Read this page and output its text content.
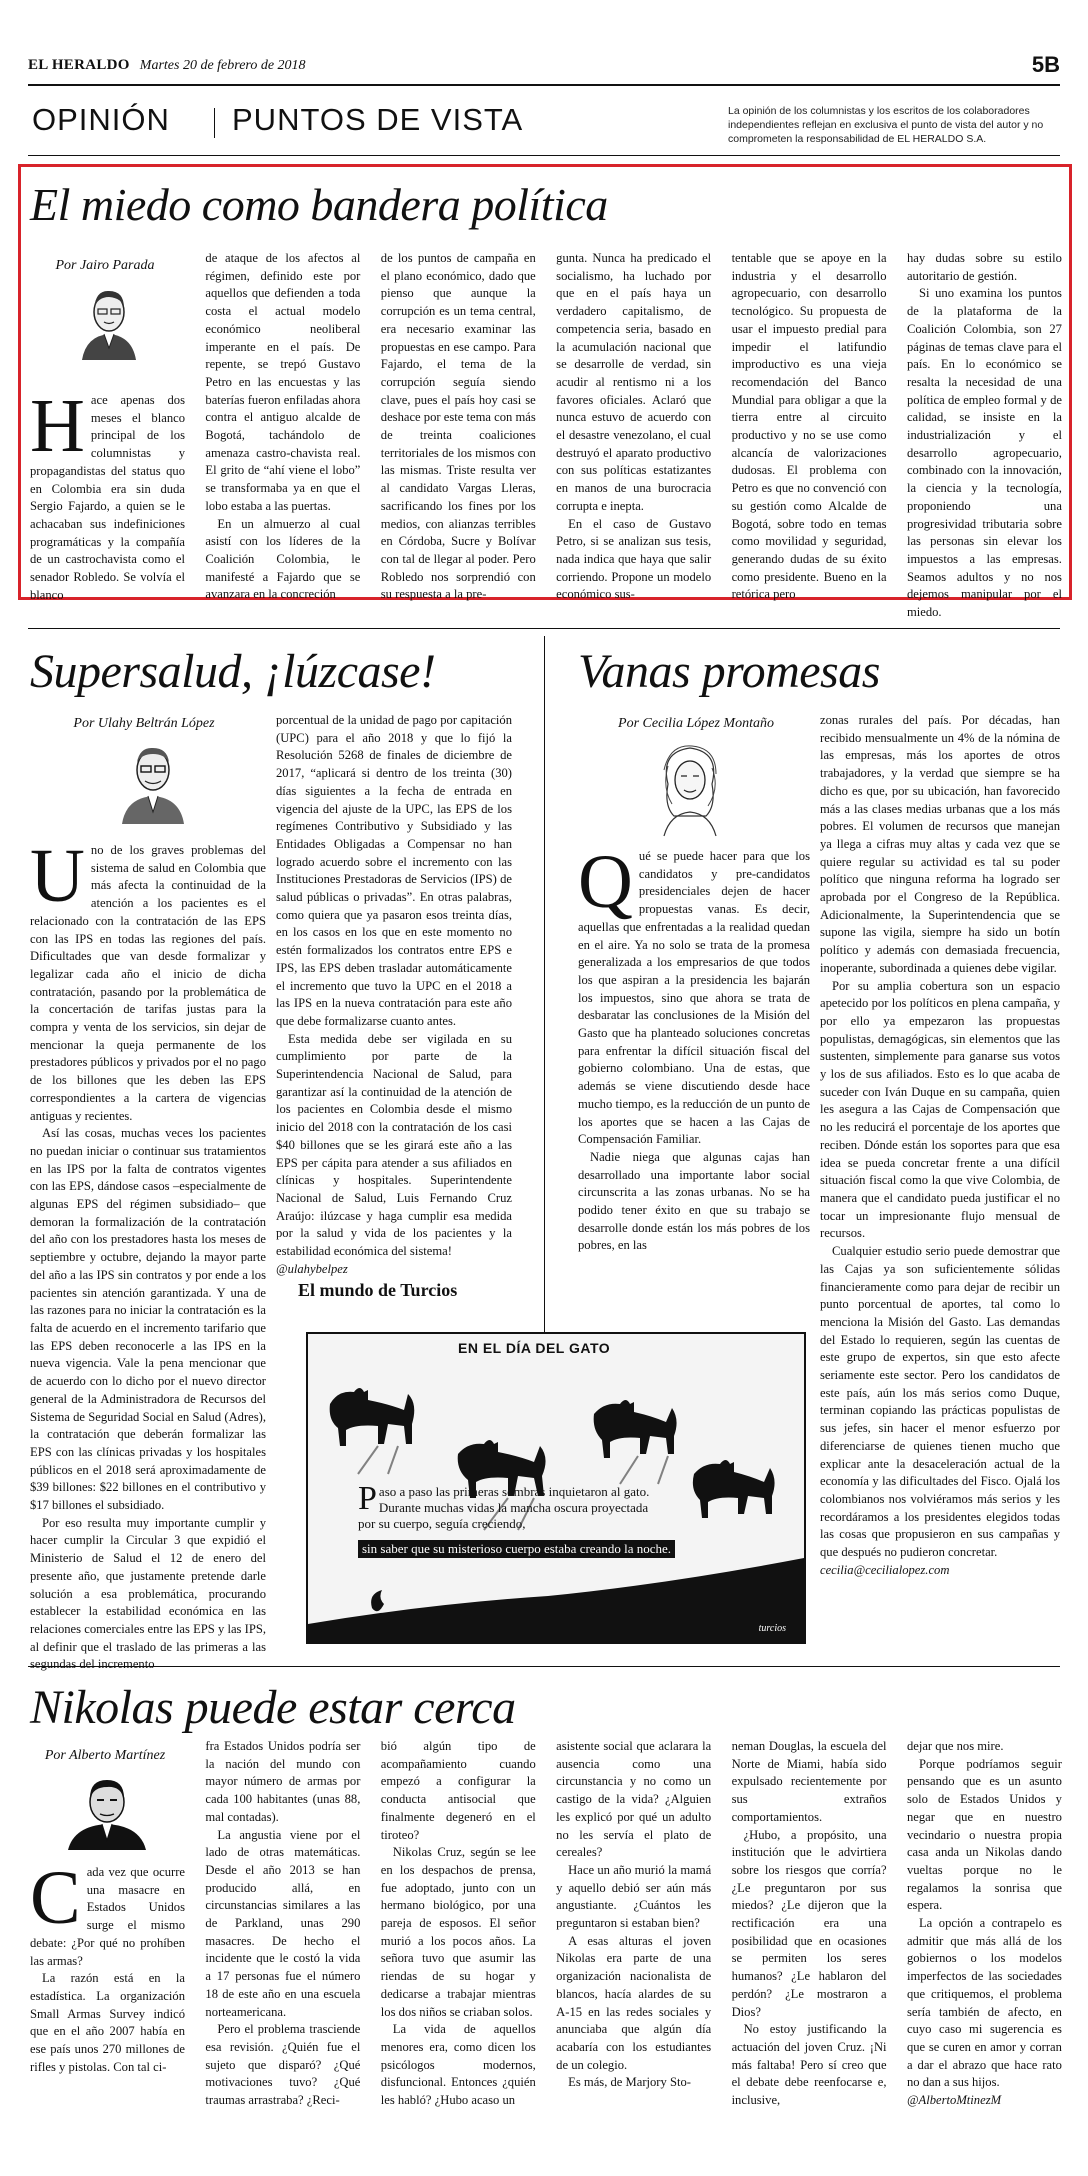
EL HERALDO Martes 20 de febrero de 2018	5B
OPINIÓN PUNTOS DE VISTA	La opinión de los columnistas y los escritos de los colaboradores independientes reflejan en exclusiva el punto de vista del autor y no comprometen la responsabilidad de EL HERALDO S.A.
El miedo como bandera política
Por Jairo Parada

Hace apenas dos meses el blanco principal de los columnistas y propagandistas del status quo en Colombia era sin duda Sergio Fajardo, a quien se le achacaban sus indefiniciones programáticas y la compañía de un castrochavista como el senador Robledo. Se volvía el blanco

de ataque de los afectos al régimen, definido este por aquellos que defienden a toda costa el actual modelo económico neoliberal imperante en el país. De repente, se trepó Gustavo Petro en las encuestas y las baterías fueron enfiladas ahora contra el antiguo alcalde de Bogotá, tachándolo de amenaza castro-chavista real. El grito de “ahí viene el lobo” se transformaba ya en que el lobo estaba a las puertas.

En un almuerzo al cual asistí con los líderes de la Coalición Colombia, le manifesté a Fajardo que se avanzara en la concreción

de los puntos de campaña en el plano económico, dado que pienso que aunque la corrupción es un tema central, era necesario examinar las propuestas en ese campo. Para Fajardo, el tema de la corrupción seguía siendo clave, pues el país hoy casi se deshace por este tema con más de treinta coaliciones territoriales de los mismos con las mismas. Triste resulta ver al candidato Vargas Lleras, sacrificando los fines por los medios, con alianzas terribles en Córdoba, Sucre y Bolívar con tal de llegar al poder. Pero Robledo nos sorprendió con su respuesta a la pre-

gunta. Nunca ha predicado el socialismo, ha luchado por que en el país haya un verdadero capitalismo, de competencia seria, basado en la acumulación nacional que se desarrolle de verdad, sin acudir al rentismo ni a los favores oficiales. Aclaró que nunca estuvo de acuerdo con el desastre venezolano, el cual destruyó el aparato productivo con sus políticas estatizantes en manos de una burocracia corrupta e inepta.

En el caso de Gustavo Petro, si se analizan sus tesis, nada indica que haya que salir corriendo. Propone un modelo económico sus-

tentable que se apoye en la industria y el desarrollo agropecuario, con desarrollo tecnológico. Su propuesta de usar el impuesto predial para impedir el latifundio improductivo es una vieja recomendación del Banco Mundial para obligar a que la tierra entre al circuito productivo y no se use como alcancía de valorizaciones dudosas. El problema con Petro es que no convenció con su gestión como Alcalde de Bogotá, sobre todo en temas como movilidad y seguridad, generando dudas de su éxito como presidente. Bueno en la retórica pero

hay dudas sobre su estilo autoritario de gestión.

Si uno examina los puntos de la plataforma de la Coalición Colombia, son 27 páginas de temas clave para el país. En lo económico se resalta la necesidad de una política de empleo formal y de calidad, se insiste en la industrialización y el desarrollo agropecuario, combinado con la innovación, la ciencia y la tecnología, proponiendo una progresividad tributaria sobre las personas sin elevar los impuestos a las empresas. Seamos adultos y no nos dejemos manipular por el miedo.

Supersalud, ¡lúzcase!
Por Ulahy Beltrán López

Uno de los graves problemas del sistema de salud en Colombia que más afecta la continuidad de la atención a los pacientes es el relacionado con la contratación de las EPS con las IPS en todas las regiones del país. Dificultades que van desde formalizar y legalizar cada año el inicio de dicha contratación, pasando por la problemática de la concertación de tarifas justas para la compra y venta de los servicios, sin dejar de mencionar la queja permanente de los prestadores públicos y privados por el no pago de los billones que les deben las EPS correspondientes a la cartera de vigencias antiguas y recientes.

Así las cosas, muchas veces los pacientes no puedan iniciar o continuar sus tratamientos en las IPS por la falta de contratos vigentes con las EPS, dándose casos –especialmente de algunas EPS del régimen subsidiado– que demoran la formalización de la contratación del año con los prestadores hasta los meses de septiembre y octubre, dejando la mayor parte del año a las IPS sin contratos y por ende a los pacientes sin atención garantizada. Y una de las razones para no iniciar la contratación es la falta de acuerdo en el incremento tarifario que las EPS deben reconocerle a las IPS en la nueva vigencia. Vale la pena mencionar que de acuerdo con lo dicho por el nuevo director general de la Administradora de Recursos del Sistema de Seguridad Social en Salud (Adres), la contratación que deberán formalizar las EPS con las clínicas privadas y los hospitales públicos en el 2018 será aproximadamente de $39 billones: $22 billones en el contributivo y $17 billones el subsidiado.

Por eso resulta muy importante cumplir y hacer cumplir la Circular 3 que expidió el Ministerio de Salud el 12 de enero del presente año, que justamente pretende darle solución a esa problemática, procurando establecer la estabilidad económica en las relaciones comerciales entre las EPS y las IPS, al definir que el traslado de las primeras a las segundas del incremento

porcentual de la unidad de pago por capitación (UPC) para el año 2018 y que lo fijó la Resolución 5268 de finales de diciembre de 2017, “aplicará si dentro de los treinta (30) días siguientes a la fecha de entrada en vigencia del ajuste de la UPC, las EPS de los regímenes Contributivo y Subsidiado y las Entidades Obligadas a Compensar no han logrado acuerdo sobre el incremento con las Instituciones Prestadoras de Servicios (IPS) de salud públicas o privadas”. En otras palabras, como quiera que ya pasaron esos treinta días, en los casos en los que en este momento no estén formalizados los contratos entre EPS e IPS, las EPS deben trasladar automáticamente el incremento que tuvo la UPC en el 2018 a las IPS en la nueva contratación para este año que debe formalizarse cuanto antes.

Esta medida debe ser vigilada en su cumplimiento por parte de la Superintendencia Nacional de Salud, para garantizar así la continuidad de la atención de los pacientes en Colombia desde el mismo inicio del 2018 con la contratación de los casi $40 billones que se les girará este año a las EPS per cápita para atender a sus afiliados en clínicas y hospitales. Superintendente Nacional de Salud, Luis Fernando Cruz Araújo: ilúzcase y haga cumplir esa medida por la salud y vida de los pacientes y la estabilidad económica del sistema!

@ulahybelpez

Vanas promesas
Por Cecilia López Montaño

Qué se puede hacer para que los candidatos y pre-candidatos presidenciales dejen de hacer propuestas vanas. Es decir, aquellas que enfrentadas a la realidad quedan en el aire. Ya no solo se trata de la promesa generalizada a los empresarios de que todos los que aspiran a la presidencia les bajarán los impuestos, sino que ahora se trata de desbaratar las conclusiones de la Misión del Gasto que ha planteado soluciones concretas para enfrentar la difícil situación fiscal del gobierno colombiano. Una de estas, que además se viene discutiendo desde hace mucho tiempo, es la reducción de un punto de los aportes que se hacen a las Cajas de Compensación Familiar.

Nadie niega que algunas cajas han desarrollado una importante labor social circunscrita a las zonas urbanas. No se ha podido tener éxito en que su trabajo se desarrolle donde están los más pobres de los pobres, en las

zonas rurales del país. Por décadas, han recibido mensualmente un 4% de la nómina de las empresas, más los aportes de otros trabajadores, y la verdad que siempre se ha dicho es que, por su ubicación, han favorecido más a las clases medias urbanas que a los más pobres. El volumen de recursos que manejan ya llega a cifras muy altas y cada vez que se quiere regular su actividad es tal su poder político que ninguna reforma ha logrado ser aprobada por el Congreso de la República. Adicionalmente, la Superintendencia que se supone las vigila, siempre ha sido un botín político y además con demasiada frecuencia, inoperante, subordinada a quienes debe vigilar.

Por su amplia cobertura son un espacio apetecido por los políticos en plena campaña, y por ello ya empezaron las propuestas populistas, demagógicas, sin elementos que las sustenten, simplemente para ganarse sus votos y los de sus afiliados. Esto es lo que acaba de suceder con Iván Duque en su campaña, quien les asegura a las Cajas de Compensación que no les reducirá el porcentaje de los aportes que reciben. Dónde están los soportes para que esa idea se pueda concretar frente a una difícil situación fiscal como la que vive Colombia, de manera que el candidato pueda justificar el no tocar un impresionante flujo mensual de recursos.

Cualquier estudio serio puede demostrar que las Cajas ya son suficientemente sólidas financieramente como para dejar de recibir un punto porcentual de aportes, tal como lo menciona la Misión del Gasto. Las demandas del Estado lo requieren, según las cuentas de este grupo de expertos, sin que esto afecte seriamente este sector. Pero los candidatos de este país, aún los más serios como Duque, terminan copiando las prácticas populistas de sus jefes, sin hacer el menor esfuerzo por diferenciarse de quienes tienen mucho que explicar ante la desaceleración actual de la economía y las dificultades del Fisco. Ojalá los colombianos nos volviéramos más serios y les recordáramos a los presidentes elegidos todas las cosas que propusieron en sus campañas y que después no pudieron concretar.

cecilia@cecilialopez.com

El mundo de Turcios
EN EL DÍA DEL GATO
Paso a paso las primeras sombras inquietaron al gato.
Durante muchas vidas la mancha oscura proyectada
por su cuerpo, seguía creciendo,
sin saber que su misterioso cuerpo estaba creando la noche.
turcios
Nikolas puede estar cerca
Por Alberto Martínez

Cada vez que ocurre una masacre en Estados Unidos surge el mismo debate: ¿Por qué no prohíben las armas?

La razón está en la estadística. La organización Small Armas Survey indicó que en el año 2007 había en ese país unos 270 millones de rifles y pistolas. Con tal ci-

fra Estados Unidos podría ser la nación del mundo con mayor número de armas por cada 100 habitantes (unas 88, mal contadas).

La angustia viene por el lado de otras matemáticas. Desde el año 2013 se han producido allá, en circunstancias similares a las de Parkland, unas 290 masacres. De hecho el incidente que le costó la vida a 17 personas fue el número 18 de este año en una escuela norteamericana.

Pero el problema trasciende esa revisión. ¿Quién fue el sujeto que disparó? ¿Qué motivaciones tuvo? ¿Qué traumas arrastraba? ¿Reci-

bió algún tipo de acompañamiento cuando empezó a configurar la conducta antisocial que finalmente degeneró en el tiroteo?

Nikolas Cruz, según se lee en los despachos de prensa, fue adoptado, junto con un hermano biológico, por una pareja de esposos. El señor murió a los pocos años. La señora tuvo que asumir las riendas de su hogar y dedicarse a trabajar mientras los dos niños se criaban solos.

La vida de aquellos menores era, como dicen los psicólogos modernos, disfuncional. Entonces ¿quién les habló? ¿Hubo acaso un

asistente social que aclarara la ausencia como una circunstancia y no como un castigo de la vida? ¿Alguien les explicó por qué un adulto no les servía el plato de cereales?

Hace un año murió la mamá y aquello debió ser aún más angustiante. ¿Cuántos les preguntaron si estaban bien?

A esas alturas el joven Nikolas era parte de una organización nacionalista de blancos, hacía alardes de su A-15 en las redes sociales y anunciaba que algún día acabaría con los estudiantes de un colegio.

Es más, de Marjory Sto-

neman Douglas, la escuela del Norte de Miami, había sido expulsado recientemente por sus extraños comportamientos.

¿Hubo, a propósito, una institución que le advirtiera sobre los riesgos que corría? ¿Le preguntaron por sus miedos? ¿Le dijeron que la rectificación era una posibilidad que en ocasiones se permiten los seres humanos? ¿Le hablaron del perdón? ¿Le mostraron a Dios?

No estoy justificando la actuación del joven Cruz. ¡Ni más faltaba! Pero sí creo que el debate debe reenfocarse e, inclusive,

dejar que nos mire.

Porque podríamos seguir pensando que es un asunto solo de Estados Unidos y negar que en nuestro vecindario o nuestra propia casa anda un Nikolas dando vueltas porque no le regalamos la sonrisa que espera.

La opción a contrapelo es admitir que más allá de los gobiernos o los modelos imperfectos de las sociedades que critiquemos, el problema sería también de afecto, en cuyo caso mi sugerencia es que se curen en amor y corran a dar el abrazo que hace rato no dan a sus hijos.

@AlbertoMtinezM
